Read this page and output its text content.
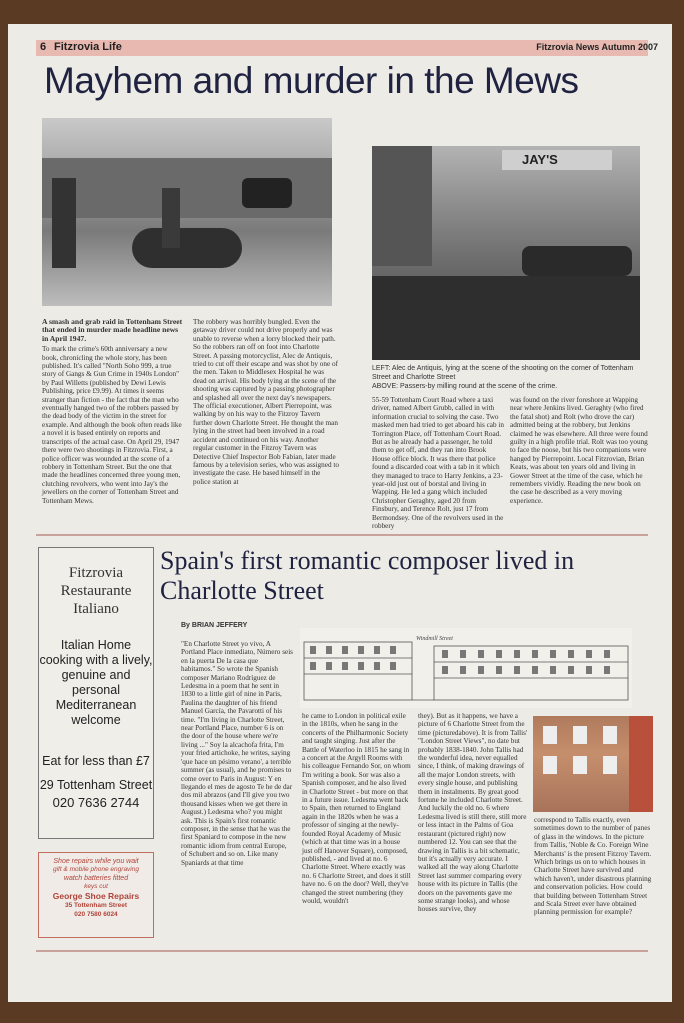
6 Fitzrovia Life	Fitzrovia News Autumn 2007
Mayhem and murder in the Mews
JAY'S

A smash and grab raid in Tottenham Street that ended in murder made headline news in April 1947.

To mark the crime's 60th anniversary a new book, chronicling the whole story, has been published. It's called "North Soho 999, a true story of Gangs & Gun Crime in 1940s London" by Paul Willetts (published by Dewi Lewis Publishing, price £9.99). At times it seems stranger than fiction - the fact that the man who eventually hanged two of the robbers passed by the dead body of the victim in the street for example. And although the book often reads like a novel it is based entirely on reports and transcripts of the actual case. On April 29, 1947 there were two shootings in Fitzrovia. First, a police officer was wounded at the scene of a robbery in Tottenham Street. But the one that made the headlines concerned three young men, clutching revolvers, who went into Jay's the jewellers on the corner of Tottenham Street and Tottenham Mews.

The robbery was horribly bungled. Even the getaway driver could not drive properly and was unable to reverse when a lorry blocked their path. So the robbers ran off on foot into Charlotte Street. A passing motorcyclist, Alec de Antiquis, tried to cut off their escape and was shot by one of the men. Taken to Middlesex Hospital he was dead on arrival. His body lying at the scene of the shooting was captured by a passing photographer and splashed all over the next day's newspapers. The official executioner, Albert Pierrepoint, was walking by on his way to the Fitzroy Tavern further down Charlotte Street. He thought the man lying in the street had been involved in a road accident and continued on his way. Another regular customer in the Fitzroy Tavern was Detective Chief Inspector Bob Fabian, later made famous by a television series, who was assigned to investigate the case. He based himself in the police station at

LEFT: Alec de Antiquis, lying at the scene of the shooting on the corner of Tottenham Street and Charlotte Street
ABOVE: Passers-by milling round at the scene of the crime.

55-59 Tottenham Court Road where a taxi driver, named Albert Grubb, called in with information crucial to solving the case. Two masked men had tried to get aboard his cab in Torrington Place, off Tottenham Court Road. But as he already had a passenger, he told them to get off, and they ran into Brook House office block. It was there that police found a discarded coat with a tab in it which they managed to trace to Harry Jenkins, a 23-year-old just out of borstal and living in Wapping. He led a gang which included Christopher Geraghty, aged 20 from Finsbury, and Terence Rolt, just 17 from Bermondsey. One of the revolvers used in the robbery

was found on the river foreshore at Wapping near where Jenkins lived. Geraghty (who fired the fatal shot) and Rolt (who drove the car) admitted being at the robbery, but Jenkins claimed he was elsewhere. All three were found guilty in a high profile trial. Rolt was too young to face the noose, but his two companions were hanged by Pierrepoint. Local Fitzrovian, Brian Keats, was about ten years old and living in Gower Street at the time of the case, which he remembers vividly. Reading the new book on the case he described as a very moving experience.

Fitzrovia Restaurante Italiano
Italian Home cooking with a lively, genuine and personal Mediterranean welcome
Eat for less than £7
29 Tottenham Street
020 7636 2744
Shoe repairs while you wait
gift & mobile phone engraving
watch batteries fitted
keys cut
George Shoe Repairs
35 Tottenham Street
020 7580 6024
Spain's first romantic composer lived in Charlotte Street
By BRIAN JEFFERY
Windmill Street

"En Charlotte Street yo vivo, A Portland Place inmediato, Número seis en la puerta De la casa que habitamos." So wrote the Spanish composer Mariano Rodríguez de Ledesma in a poem that he sent in 1830 to a little girl of nine in Paris, Paulina the daughter of his friend Manuel García, the Pavarotti of his time. "I'm living in Charlotte Street, near Portland Place, number 6 is on the door of the house where we're living ..." Soy la alcachofa frita, I'm your fried artichoke, he writes, saying 'que hace un pésimo verano', a terrible summer (as usual), and he promises to come over to Paris in August: Y en llegando el mes de agosto Te he de dar dos mil abrazos (and I'll give you two thousand kisses when we get there in August.) Ledesma who? you might ask. This is Spain's first romantic composer, in the sense that he was the first Spaniard to compose in the new romantic idiom from central Europe, of Schubert and so on. Like many Spaniards at that time

he came to London in political exile in the 1810s, when he sang in the concerts of the Philharmonic Society and taught singing. Just after the Battle of Waterloo in 1815 he sang in a concert at the Argyll Rooms with his colleague Fernando Sor, on whom I'm writing a book. Sor was also a Spanish composer, and he also lived in Charlotte Street - but more on that in a future issue. Ledesma went back to Spain, then returned to England again in the 1820s when he was a professor of singing at the newly-founded Royal Academy of Music (which at that time was in a house just off Hanover Square), composed, published, - and lived at no. 6 Charlotte Street. Where exactly was no. 6 Charlotte Street, and does it still have no. 6 on the door? Well, they've changed the street numbering (they would, wouldn't

they). But as it happens, we have a picture of 6 Charlotte Street from the time (picturedabove). It is from Tallis' "London Street Views", no date but probably 1838-1840. John Tallis had the wonderful idea, never equalled since, I think, of making drawings of all the major London streets, with every single house, and publishing them in instalments. By great good fortune he included Charlotte Street. And luckily the old no. 6 where Ledesma lived is still there, still more or less intact in the Palms of Goa restaurant (pictured right) now numbered 12. You can see that the drawing in Tallis is a bit schematic, but it's actually very accurate. I walked all the way along Charlotte Street last summer comparing every house with its picture in Tallis (the doors on the pavements gave me some strange looks), and whose houses survive, they

correspond to Tallis exactly, even sometimes down to the number of panes of glass in the windows. In the picture from Tallis, 'Noble & Co. Foreign Wine Merchants' is the present Fitzroy Tavern. Which brings us on to which houses in Charlotte Street have survived and which haven't, under disastrous planning and conservation policies. How could that building between Tottenham Street and Scala Street ever have obtained planning permission for example?
